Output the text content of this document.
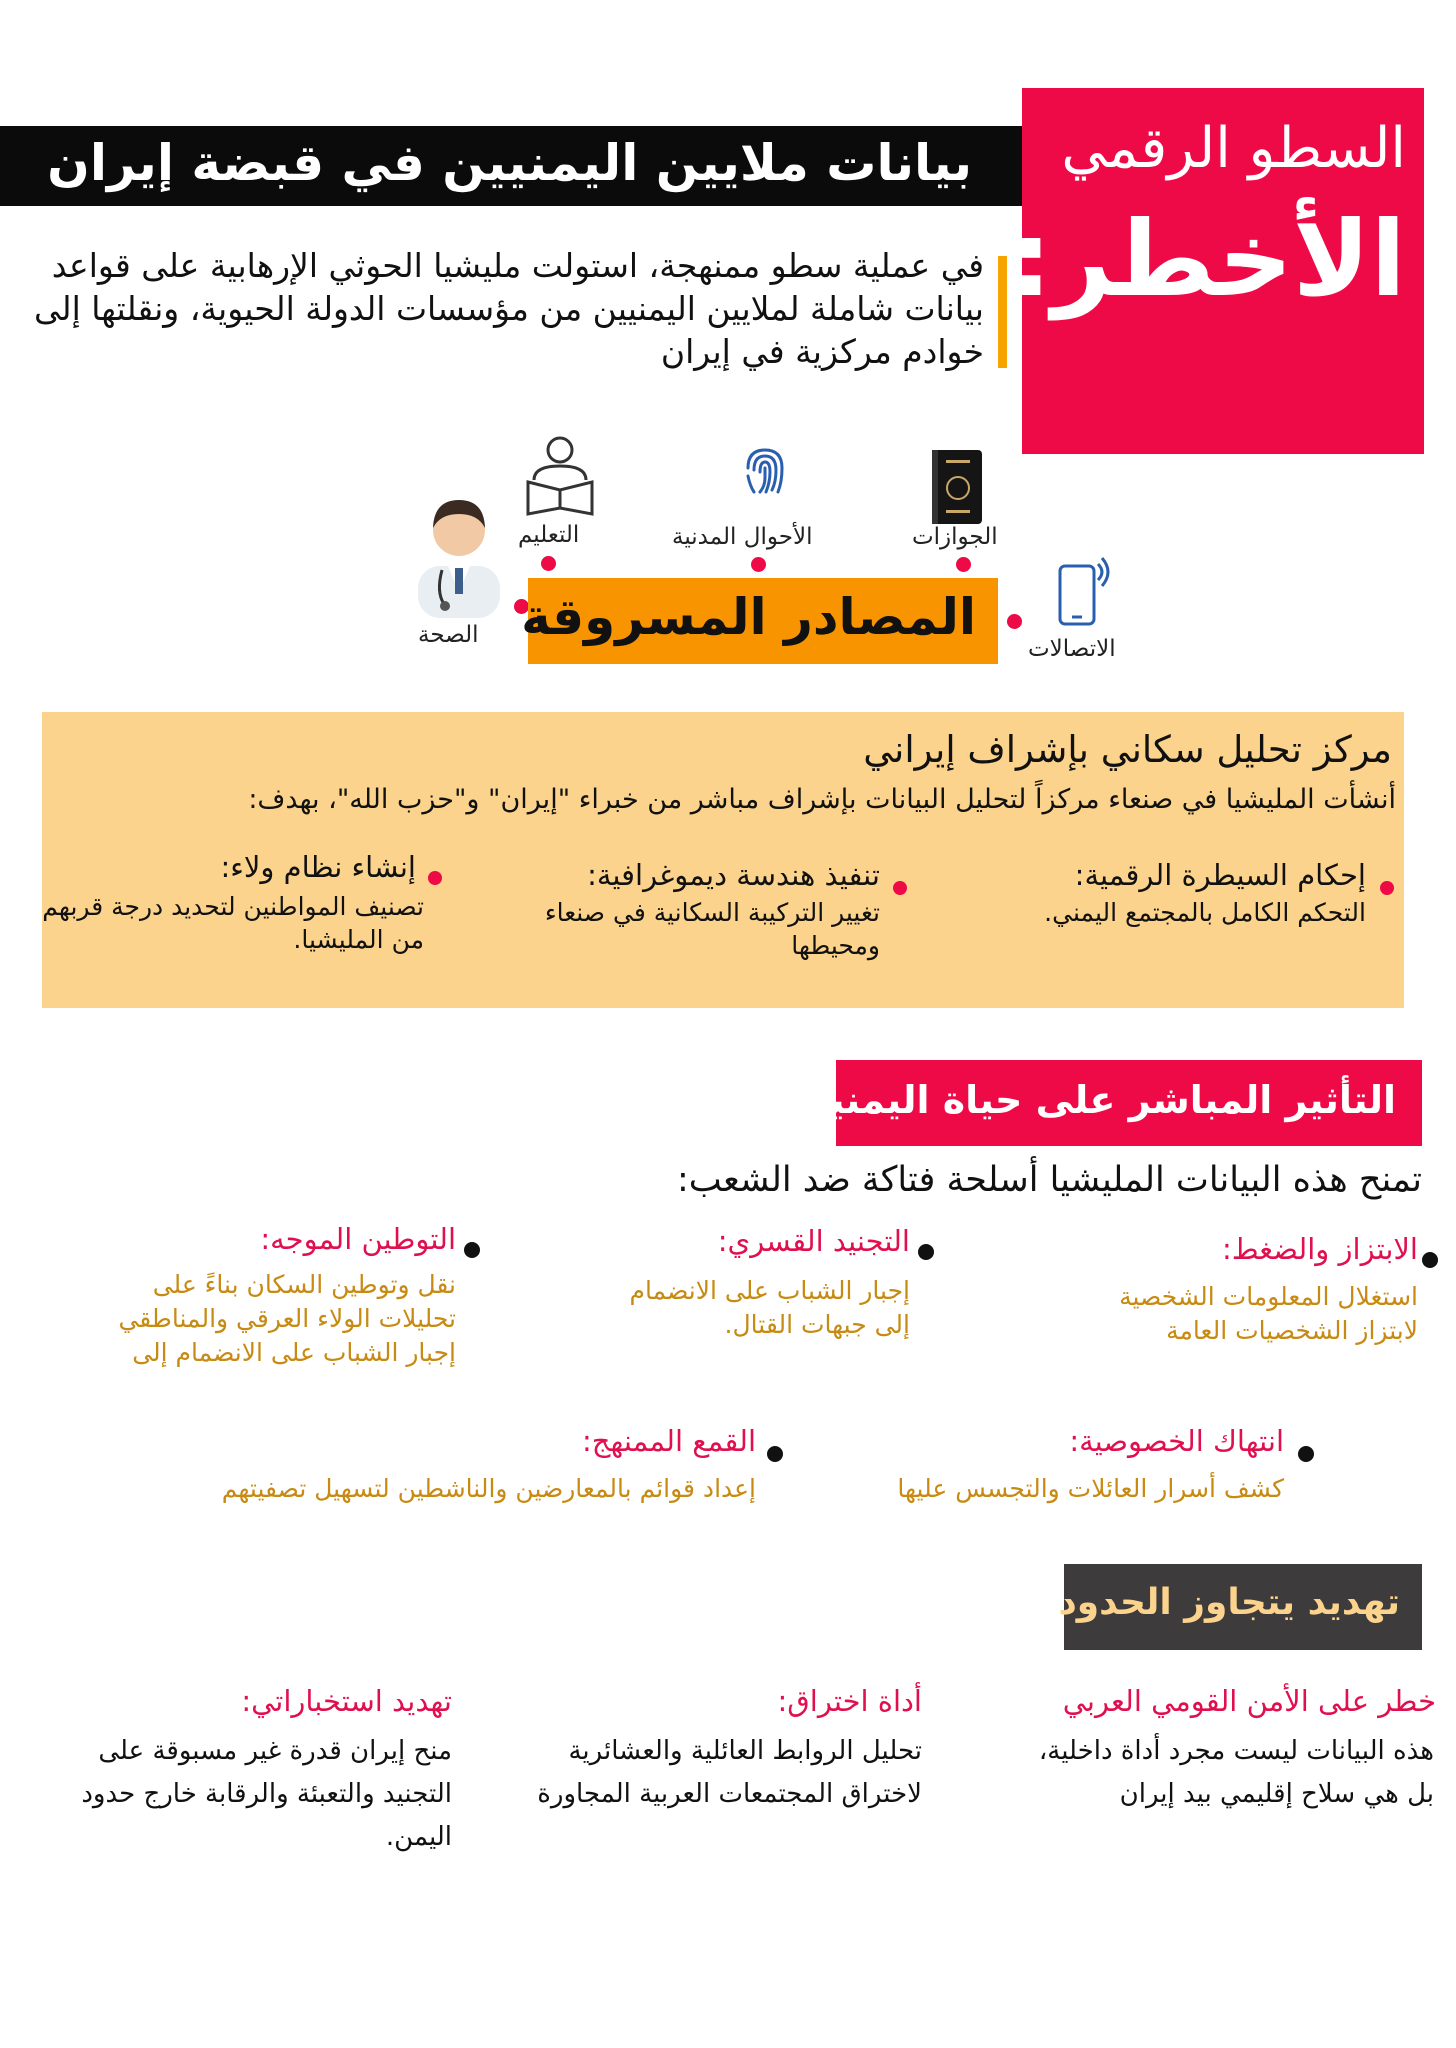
بيانات ملايين اليمنيين في قبضة إيران السطو الرقمي
الأخطر:

في عملية سطو ممنهجة، استولت مليشيا الحوثي الإرهابية على قواعد بيانات شاملة لملايين اليمنيين من مؤسسات الدولة الحيوية، ونقلتها إلى خوادم مركزية في إيران

الصحة
التعليم	الأحوال المدنية	الجوازات
الاتصالات
المصادر المسروقة
مركز تحليل سكاني بإشراف إيراني
أنشأت المليشيا في صنعاء مركزاً لتحليل البيانات بإشراف مباشر من خبراء "إيران" و"حزب الله"، بهدف:
إحكام السيطرة الرقمية:
التحكم الكامل بالمجتمع اليمني.
تنفيذ هندسة ديموغرافية:
تغيير التركيبة السكانية في صنعاء ومحيطها
إنشاء نظام ولاء:
تصنيف المواطنين لتحديد درجة قربهم من المليشيا.
التأثير المباشر على حياة اليمنيين
تمنح هذه البيانات المليشيا أسلحة فتاكة ضد الشعب:
الابتزاز والضغط:
استغلال المعلومات الشخصية
لابتزاز الشخصيات العامة
التجنيد القسري:
إجبار الشباب على الانضمام
إلى جبهات القتال.
التوطين الموجه:
نقل وتوطين السكان بناءً على
تحليلات الولاء العرقي والمناطقي
إجبار الشباب على الانضمام إلى
انتهاك الخصوصية:
كشف أسرار العائلات والتجسس عليها
القمع الممنهج:
إعداد قوائم بالمعارضين والناشطين لتسهيل تصفيتهم
تهديد يتجاوز الحدود
خطر على الأمن القومي العربي
هذه البيانات ليست مجرد أداة داخلية،
بل هي سلاح إقليمي بيد إيران
أداة اختراق:
تحليل الروابط العائلية والعشائرية
لاختراق المجتمعات العربية المجاورة
تهديد استخباراتي:
منح إيران قدرة غير مسبوقة على
التجنيد والتعبئة والرقابة خارج حدود
اليمن.
